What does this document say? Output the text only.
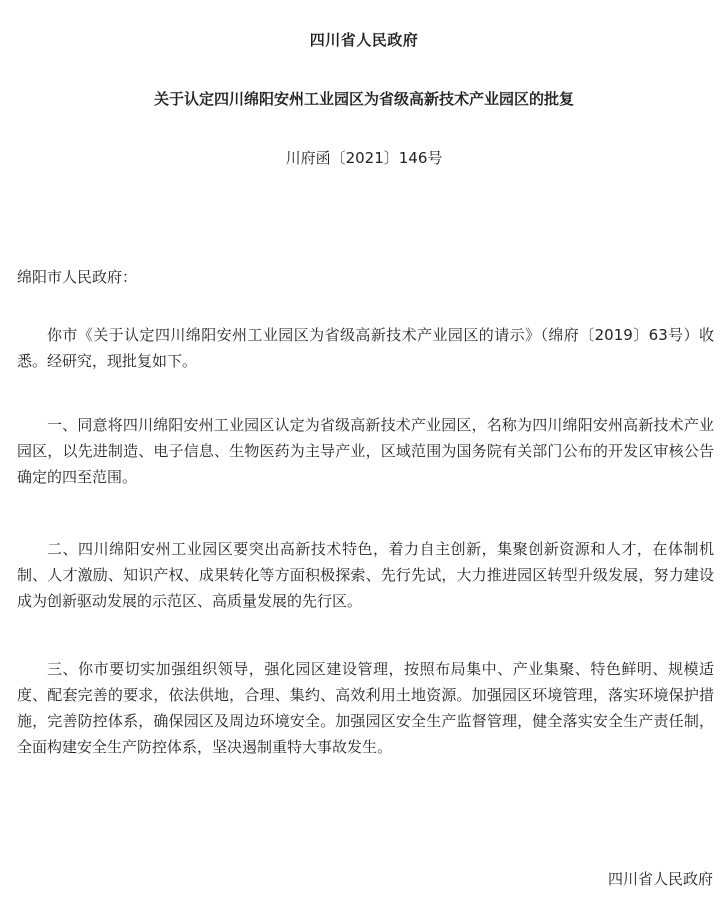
四川省人民政府
关于认定四川绵阳安州工业园区为省级高新技术产业园区的批复
川府函〔2021〕146号
绵阳市人民政府：

你市《关于认定四川绵阳安州工业园区为省级高新技术产业园区的请示》（绵府〔2019〕63号）收悉。经研究，现批复如下。

一、同意将四川绵阳安州工业园区认定为省级高新技术产业园区，名称为四川绵阳安州高新技术产业园区，以先进制造、电子信息、生物医药为主导产业，区域范围为国务院有关部门公布的开发区审核公告确定的四至范围。

二、四川绵阳安州工业园区要突出高新技术特色，着力自主创新，集聚创新资源和人才，在体制机制、人才激励、知识产权、成果转化等方面积极探索、先行先试，大力推进园区转型升级发展，努力建设成为创新驱动发展的示范区、高质量发展的先行区。

三、你市要切实加强组织领导，强化园区建设管理，按照布局集中、产业集聚、特色鲜明、规模适度、配套完善的要求，依法供地，合理、集约、高效利用土地资源。加强园区环境管理，落实环境保护措施，完善防控体系，确保园区及周边环境安全。加强园区安全生产监督管理，健全落实安全生产责任制，全面构建安全生产防控体系，坚决遏制重特大事故发生。

四川省人民政府
